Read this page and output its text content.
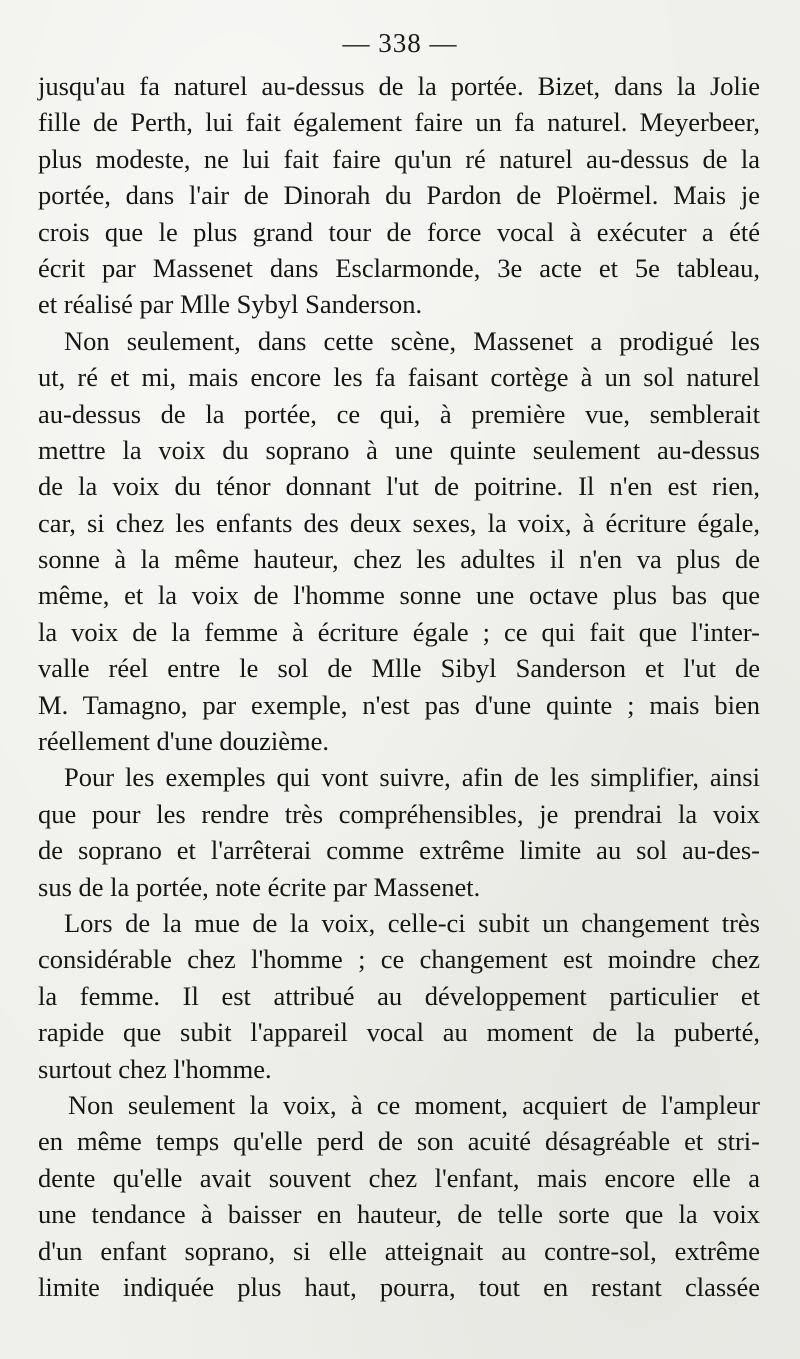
— 338 —
jusqu'au fa naturel au-dessus de la portée. Bizet, dans la Jolie
fille de Perth, lui fait également faire un fa naturel. Meyerbeer,
plus modeste, ne lui fait faire qu'un ré naturel au-dessus de la
portée, dans l'air de Dinorah du Pardon de Ploërmel. Mais je
crois que le plus grand tour de force vocal à exécuter a été
écrit par Massenet dans Esclarmonde, 3e acte et 5e tableau,
et réalisé par Mlle Sybyl Sanderson.
Non seulement, dans cette scène, Massenet a prodigué les
ut, ré et mi, mais encore les fa faisant cortège à un sol naturel
au-dessus de la portée, ce qui, à première vue, semblerait
mettre la voix du soprano à une quinte seulement au-dessus
de la voix du ténor donnant l'ut de poitrine. Il n'en est rien,
car, si chez les enfants des deux sexes, la voix, à écriture égale,
sonne à la même hauteur, chez les adultes il n'en va plus de
même, et la voix de l'homme sonne une octave plus bas que
la voix de la femme à écriture égale ; ce qui fait que l'inter-
valle réel entre le sol de Mlle Sibyl Sanderson et l'ut de
M. Tamagno, par exemple, n'est pas d'une quinte ; mais bien
réellement d'une douzième.
Pour les exemples qui vont suivre, afin de les simplifier, ainsi
que pour les rendre très compréhensibles, je prendrai la voix
de soprano et l'arrêterai comme extrême limite au sol au-des-
sus de la portée, note écrite par Massenet.
Lors de la mue de la voix, celle-ci subit un changement très
considérable chez l'homme ; ce changement est moindre chez
la femme. Il est attribué au développement particulier et
rapide que subit l'appareil vocal au moment de la puberté,
surtout chez l'homme.
Non seulement la voix, à ce moment, acquiert de l'ampleur
en même temps qu'elle perd de son acuité désagréable et stri-
dente qu'elle avait souvent chez l'enfant, mais encore elle a
une tendance à baisser en hauteur, de telle sorte que la voix
d'un enfant soprano, si elle atteignait au contre-sol, extrême
limite indiquée plus haut, pourra, tout en restant classée
